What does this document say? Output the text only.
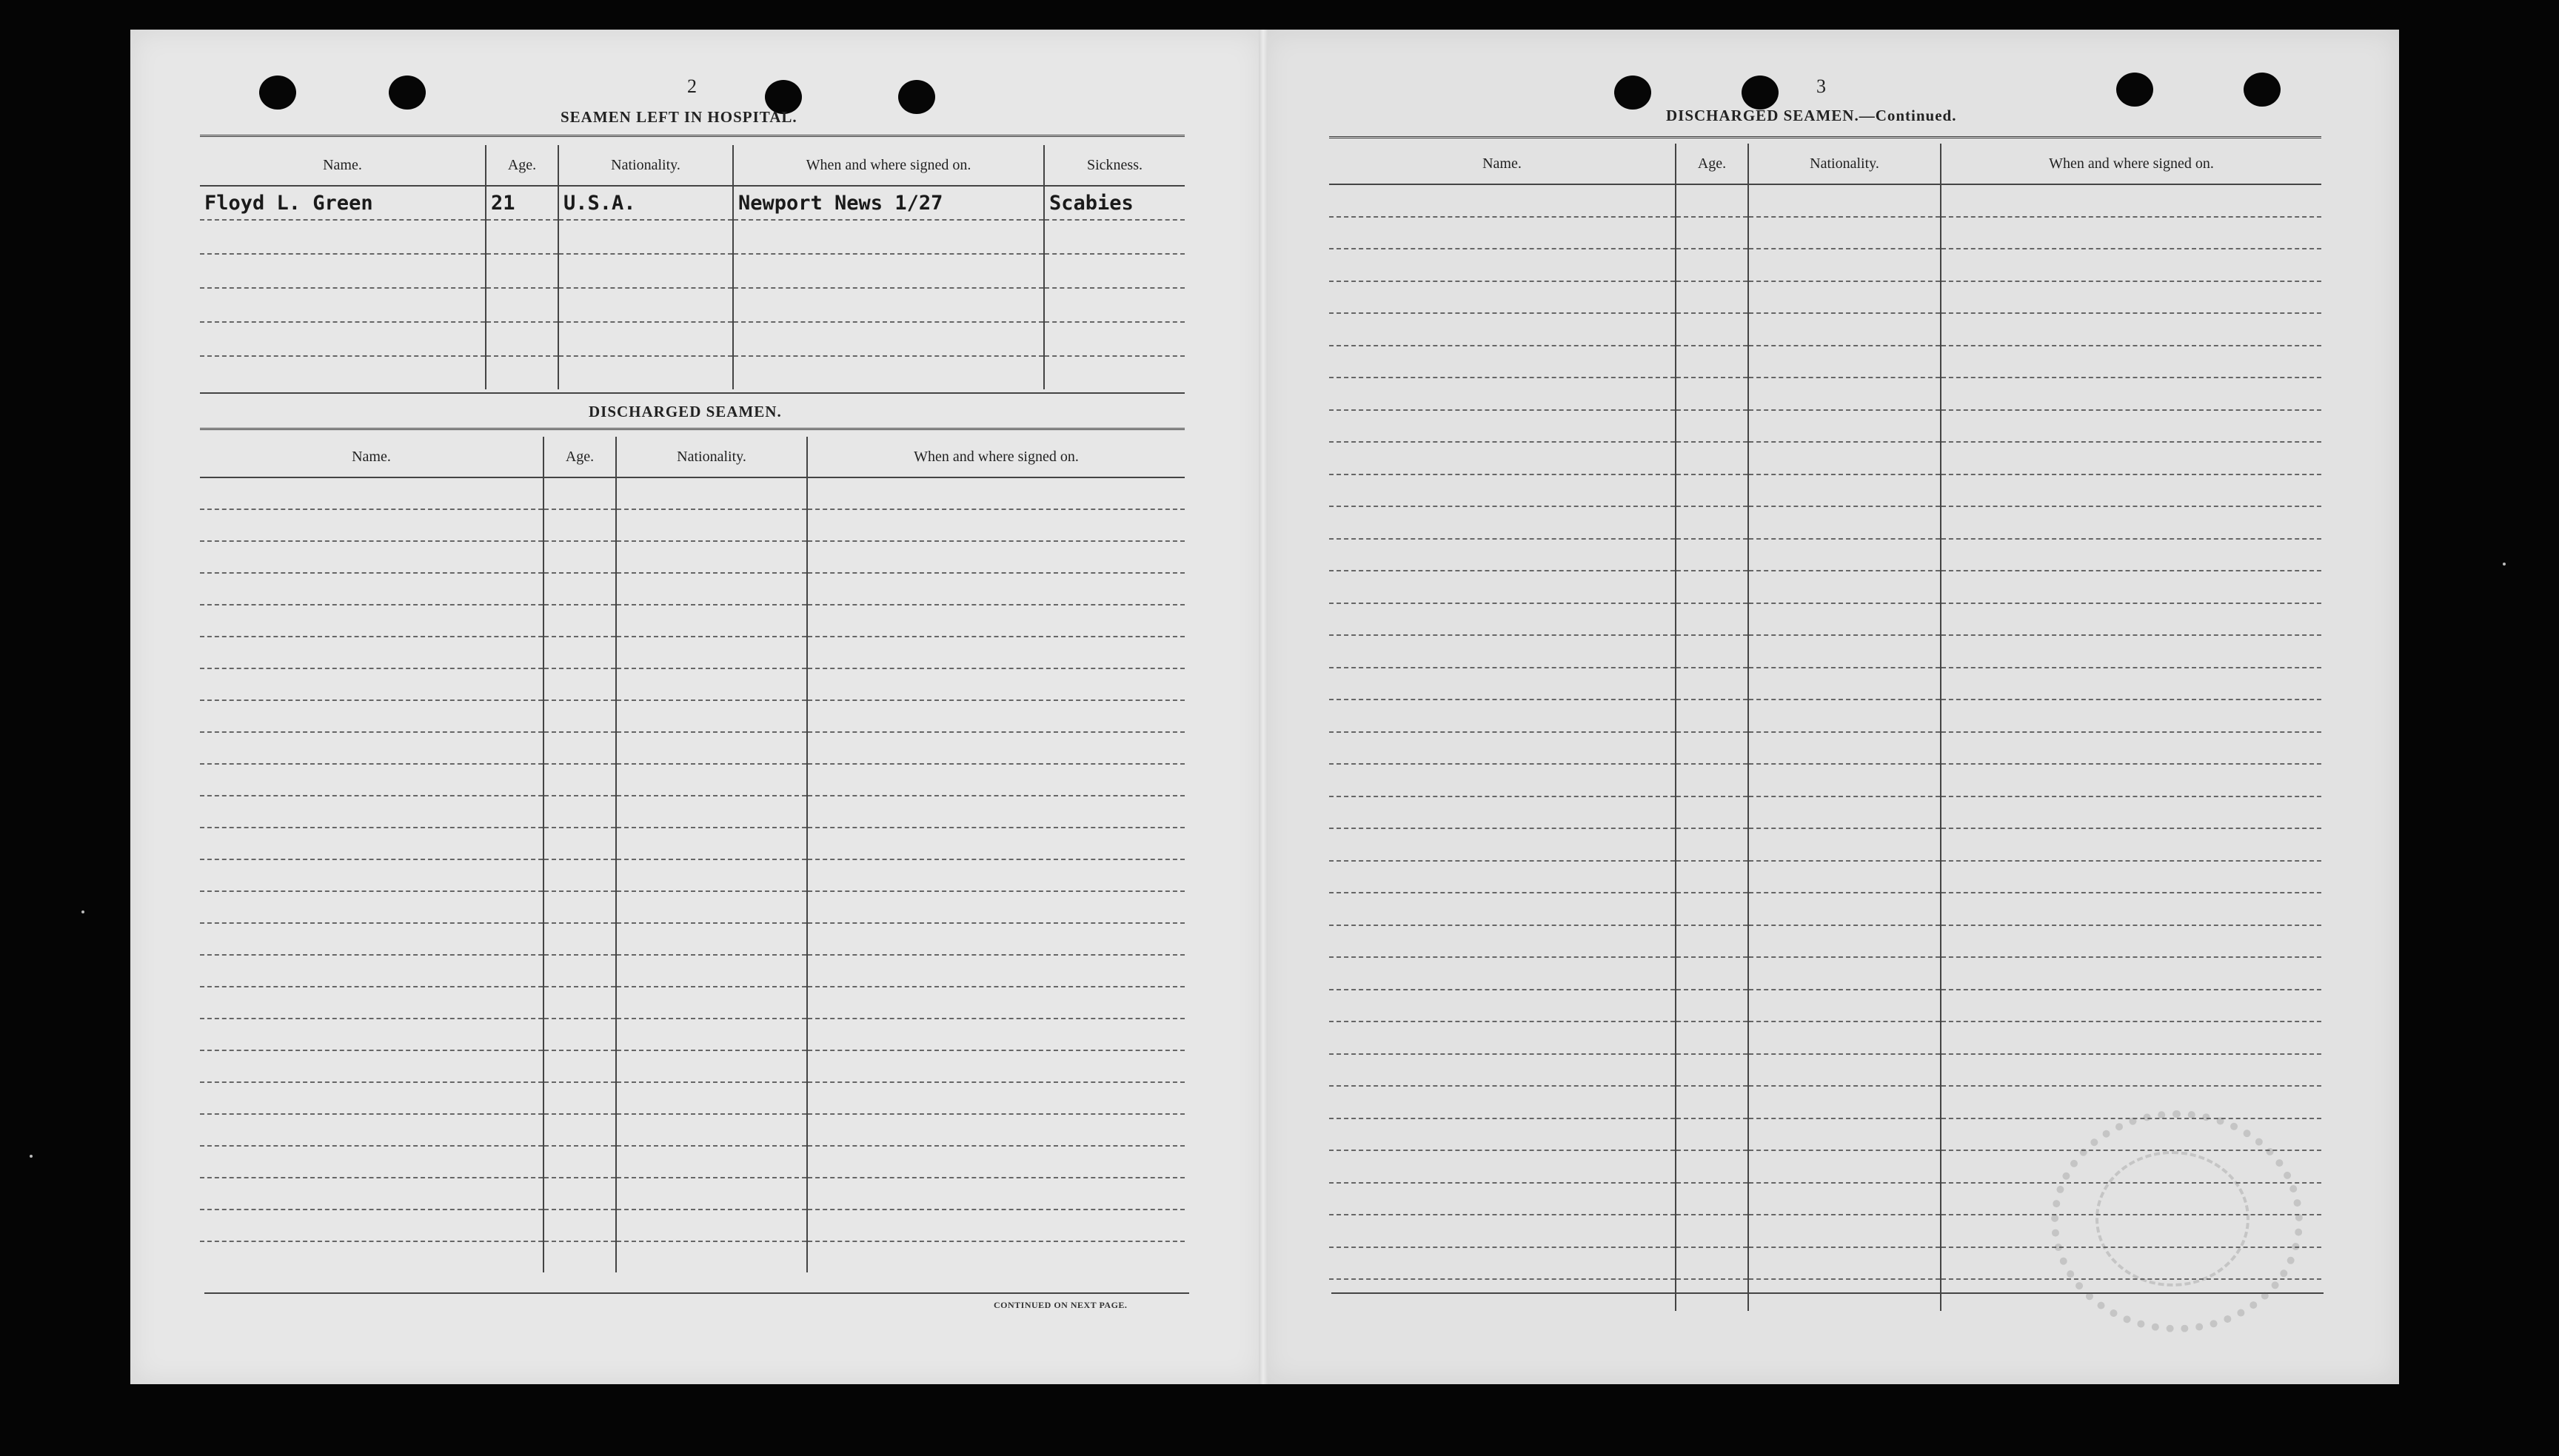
2
SEAMEN LEFT IN HOSPITAL.
Name.	Age.	Nationality.	When and where signed on.	Sickness.
Floyd L. Green	21	U.S.A.	Newport News 1/27	Scabies

DISCHARGED SEAMEN.
Name.	Age.	Nationality.	When and where signed on.

CONTINUED ON NEXT PAGE.
3
DISCHARGED SEAMEN.—Continued.
Name.	Age.	Nationality.	When and where signed on.
